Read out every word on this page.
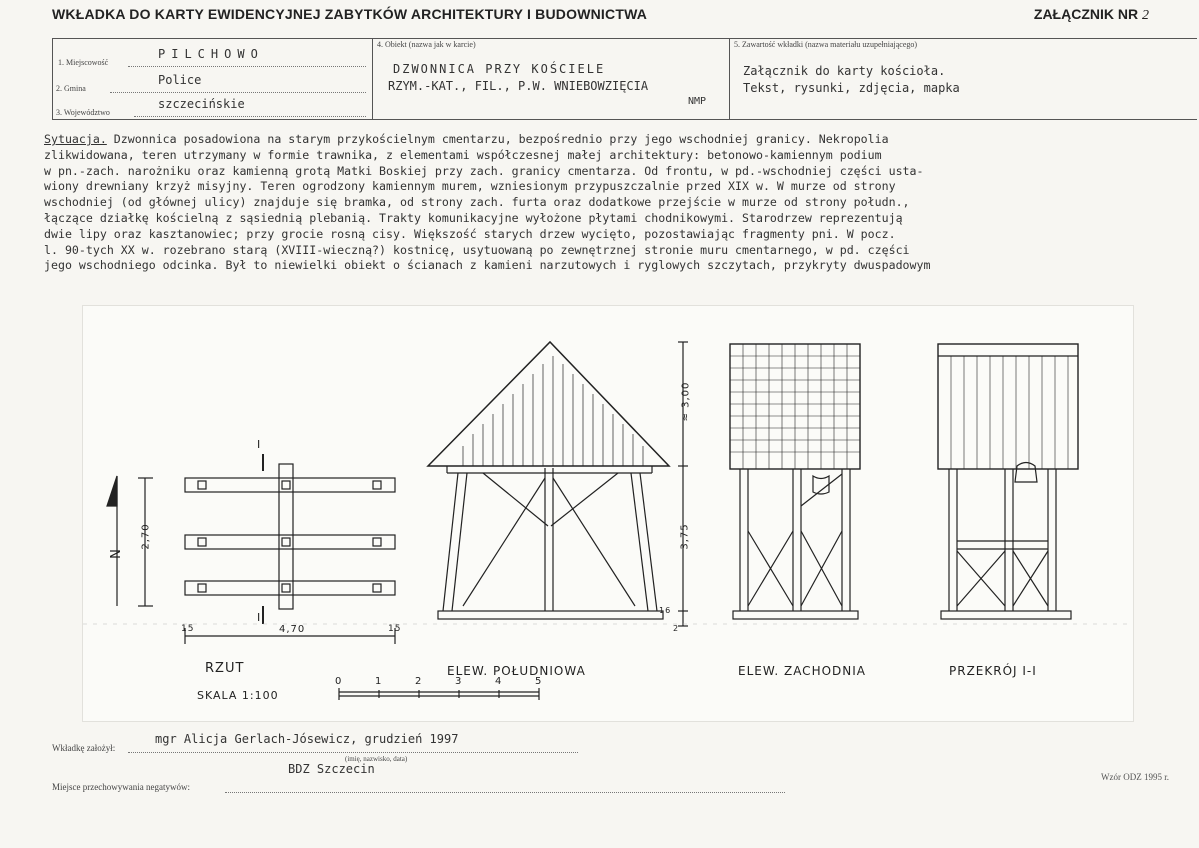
WKŁADKA DO KARTY EWIDENCYJNEJ ZABYTKÓW ARCHITEKTURY I BUDOWNICTWA	ZAŁĄCZNIK NR 2
1. Miejscowość
PILCHOWO
2. Gmina
Police
3. Województwo
szczecińskie
4. Obiekt (nazwa jak w karcie)
DZWONNICA PRZY KOŚCIELE
RZYM.-KAT., FIL., P.W. WNIEBOWZIĘCIA
NMP
5. Zawartość wkładki (nazwa materiału uzupełniającego)
Załącznik do karty kościoła.
Tekst, rysunki, zdjęcia, mapka
Sytuacja. Dzwonnica posadowiona na starym przykościelnym cmentarzu, bezpośrednio przy jego wschodniej granicy. Nekropolia
zlikwidowana, teren utrzymany w formie trawnika, z elementami współczesnej małej architektury: betonowo-kamiennym podium
w pn.-zach. narożniku oraz kamienną grotą Matki Boskiej przy zach. granicy cmentarza. Od frontu, w pd.-wschodniej części usta-
wiony drewniany krzyż misyjny. Teren ogrodzony kamiennym murem, wzniesionym przypuszczalnie przed XIX w. W murze od strony
wschodniej (od głównej ulicy) znajduje się bramka, od strony zach. furta oraz dodatkowe przejście w murze od strony połudn.,
łączące działkę kościelną z sąsiednią plebanią. Trakty komunikacyjne wyłożone płytami chodnikowymi. Starodrzew reprezentują
dwie lipy oraz kasztanowiec; przy grocie rosną cisy. Większość starych drzew wycięto, pozostawiając fragmenty pni. W pocz.
l. 90-tych XX w. rozebrano starą (XVIII-wieczną?) kostnicę, usytuowaną po zewnętrznej stronie muru cmentarnego, w pd. części
jego wschodniego odcinka. Był to niewielki obiekt o ścianach z kamieni narzutowych i ryglowych szczytach, przykryty dwuspadowym
RZUT
SKALA 1:100
ELEW. POŁUDNIOWA	ELEW. ZACHODNIA	PRZEKRÓJ I-I
2,70
4,70
15	15
≈ 3,00
3,75
16
2
I
I
N
0	1	2	3	4	5
Wkładkę założył:
mgr Alicja Gerlach-Jósewicz, grudzień 1997
(imię, nazwisko, data)
BDZ Szczecin
Miejsce przechowywania negatywów:
Wzór ODZ 1995 r.
